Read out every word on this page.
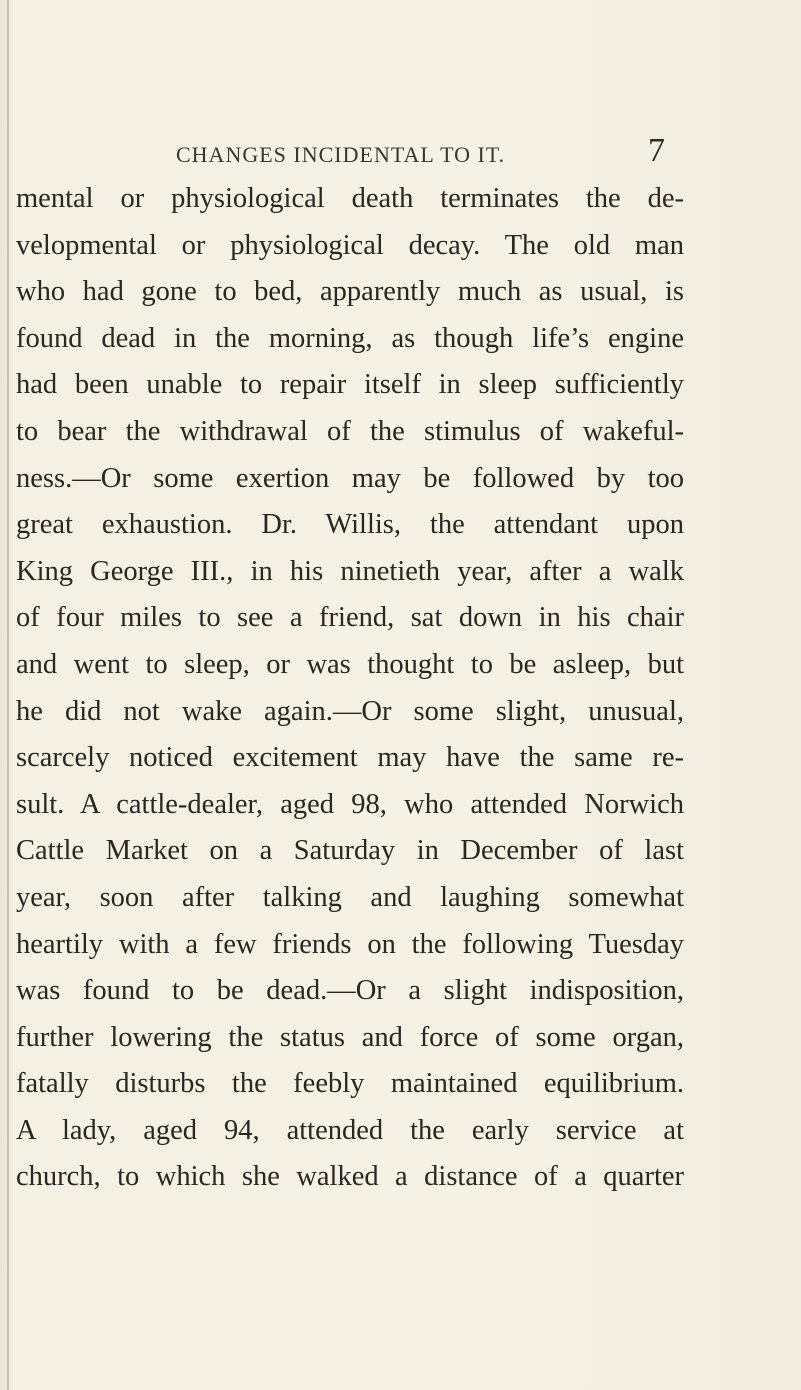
CHANGES INCIDENTAL TO IT.	7
mental or physiological death terminates the de-
velopmental or physiological decay. The old man
who had gone to bed, apparently much as usual, is
found dead in the morning, as though life’s engine
had been unable to repair itself in sleep sufficiently
to bear the withdrawal of the stimulus of wakeful-
ness.—Or some exertion may be followed by too
great exhaustion. Dr. Willis, the attendant upon
King George III., in his ninetieth year, after a walk
of four miles to see a friend, sat down in his chair
and went to sleep, or was thought to be asleep, but
he did not wake again.—Or some slight, unusual,
scarcely noticed excitement may have the same re-
sult. A cattle-dealer, aged 98, who attended Norwich
Cattle Market on a Saturday in December of last
year, soon after talking and laughing somewhat
heartily with a few friends on the following Tuesday
was found to be dead.—Or a slight indisposition,
further lowering the status and force of some organ,
fatally disturbs the feebly maintained equilibrium.
A lady, aged 94, attended the early service at
church, to which she walked a distance of a quarter
